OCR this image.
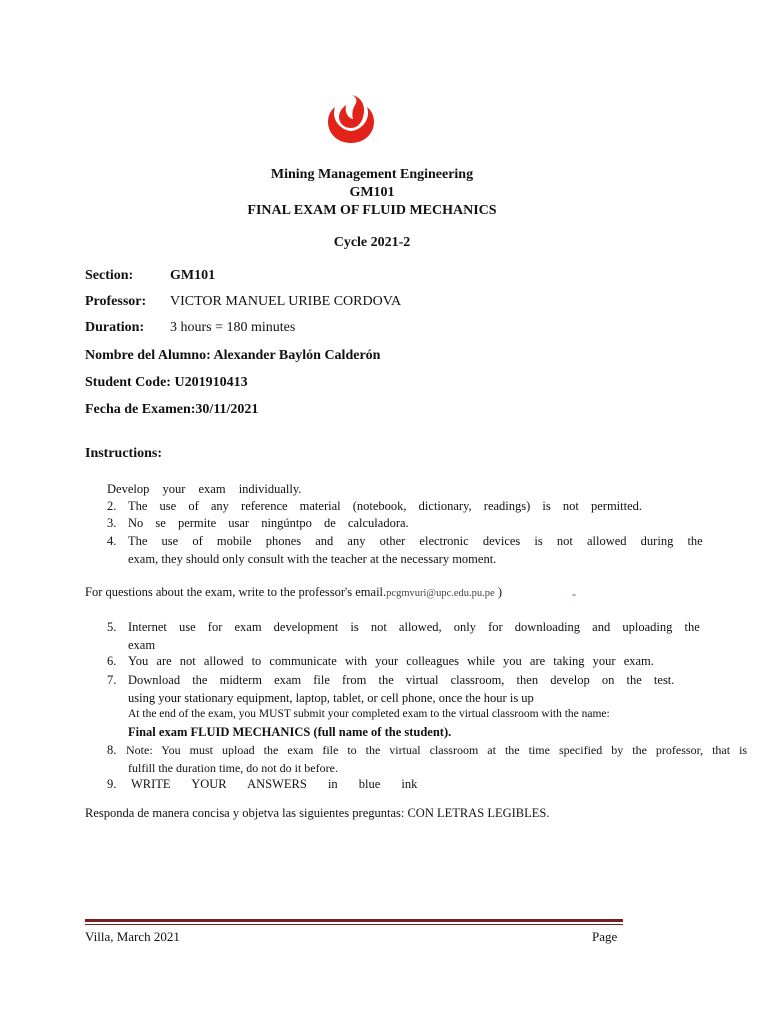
Mining Management Engineering
GM101
FINAL EXAM OF FLUID MECHANICS
Cycle 2021-2
Section:	GM101
Professor: VICTOR MANUEL URIBE CORDOVA
Duration: 3 hours = 180 minutes
Nombre del Alumno: Alexander Baylón Calderón
Student Code: U201910413
Fecha de Examen:30/11/2021
Instructions:
Develop your exam individually.
2. The use of any reference material (notebook, dictionary, readings) is not permitted.
3. No se permite usar ningúntpo de calculadora.
4. The use of mobile phones and any other electronic devices is not allowed during the
exam, they should only consult with the teacher at the necessary moment.
For questions about the exam, write to the professor's email.pcgmvuri@upc.edu.pu.pe )	-
5. Internet use for exam development is not allowed, only for downloading and uploading the
exam
6. You are not allowed to communicate with your colleagues while you are taking your exam.
7. Download the midterm exam file from the virtual classroom, then develop on the test.
using your stationary equipment, laptop, tablet, or cell phone, once the hour is up
At the end of the exam, you MUST submit your completed exam to the virtual classroom with the name:
Final exam FLUID MECHANICS (full name of the student).
8. Note: You must upload the exam file to the virtual classroom at the time specified by the professor, that is
fulfill the duration time, do not do it before.
9. WRITE YOUR ANSWERS in blue ink
Responda de manera concisa y objetva las siguientes preguntas: CON LETRAS LEGIBLES.
Villa, March 2021	Page
